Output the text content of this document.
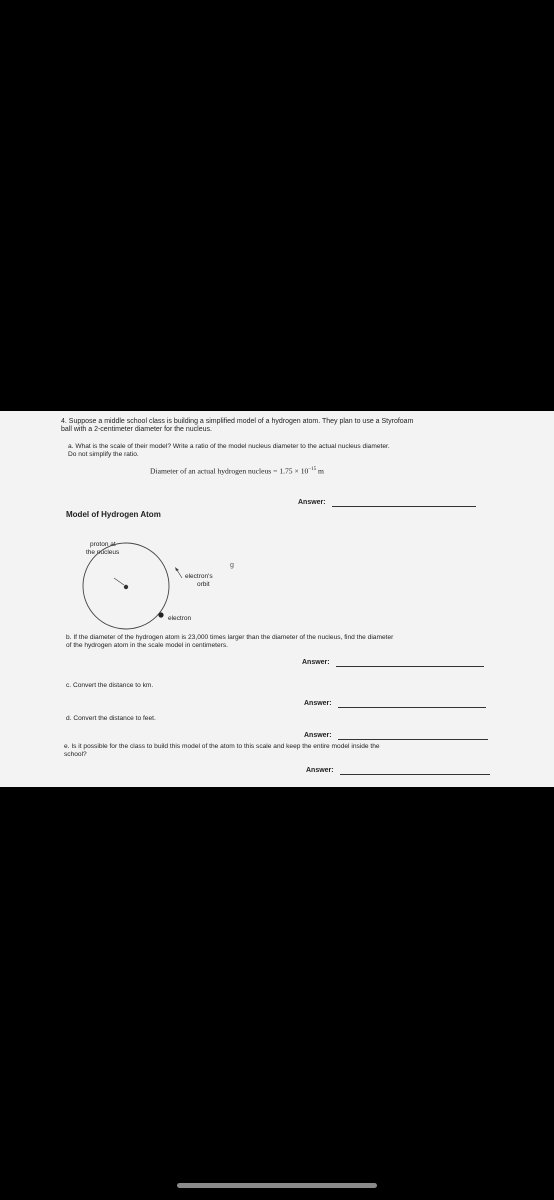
4. Suppose a middle school class is building a simplified model of a hydrogen atom. They plan to use a Styrofoam
ball with a 2-centimeter diameter for the nucleus.
a. What is the scale of their model? Write a ratio of the model nucleus diameter to the actual nucleus diameter.
Do not simplify the ratio.
Diameter of an actual hydrogen nucleus = $1.75 \times 10^{-15}$ m
Answer:
Model of Hydrogen Atom
proton at
the nucleus
electron's
orbit
electron
g
b. If the diameter of the hydrogen atom is 23,000 times larger than the diameter of the nucleus, find the diameter
of the hydrogen atom in the scale model in centimeters.
Answer:
c. Convert the distance to km.
Answer:
d. Convert the distance to feet.
Answer:
e. Is it possible for the class to build this model of the atom to this scale and keep the entire model inside the
school?
Answer:
